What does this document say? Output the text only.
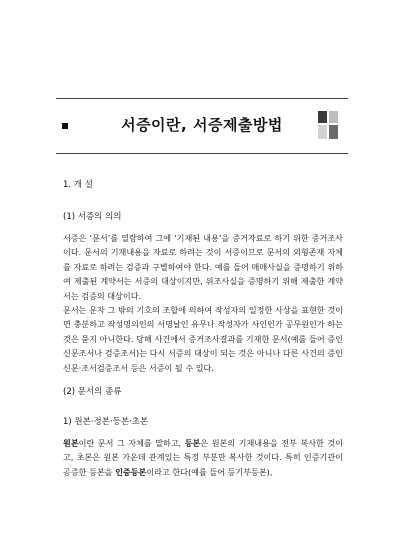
서증이란, 서증제출방법
1. 개 설
(1) 서증의 의의

서증은 ‘문서’를 열람하여 그에 ‘기재된 내용’을 증거자료로 하기 위한 증거조사이다. 문서의 기재내용을 자료로 하려는 것이 서증이므로 문서의 외형존재 자체를 자료로 하려는 검증과 구별하여야 한다. 예를 들어 매매사실을 증명하기 위하여 제출된 계약서는 서증의 대상이지만, 위조사실을 증명하기 위해 제출한 계약서는 검증의 대상이다.

문서는 문자 그 밖의 기호의 조합에 의하여 작성자의 일정한 사상을 표현한 것이면 충분하고 작성명의인의 서명날인 유무나 작성자가 사인인가 공무원인가 하는 것은 묻지 아니한다. 당해 사건에서 증거조사결과를 기재한 문서(예를 들어 증인신문조서나 검증조서)는 다시 서증의 대상이 되는 것은 아니나 다른 사건의 증인신문·조서검증조서 등은 서증이 될 수 있다.

(2) 문서의 종류
1) 원본·정본·등본·초본

원본이란 문서 그 자체를 말하고, 등본은 원본의 기재내용을 전부 복사한 것이고, 초본은 원본 가운데 관계있는 특정 부분만 복사한 것이다. 특히 인증기관이 공증한 등본을 인증등본이라고 한다(예를 들어 등기부등본),
